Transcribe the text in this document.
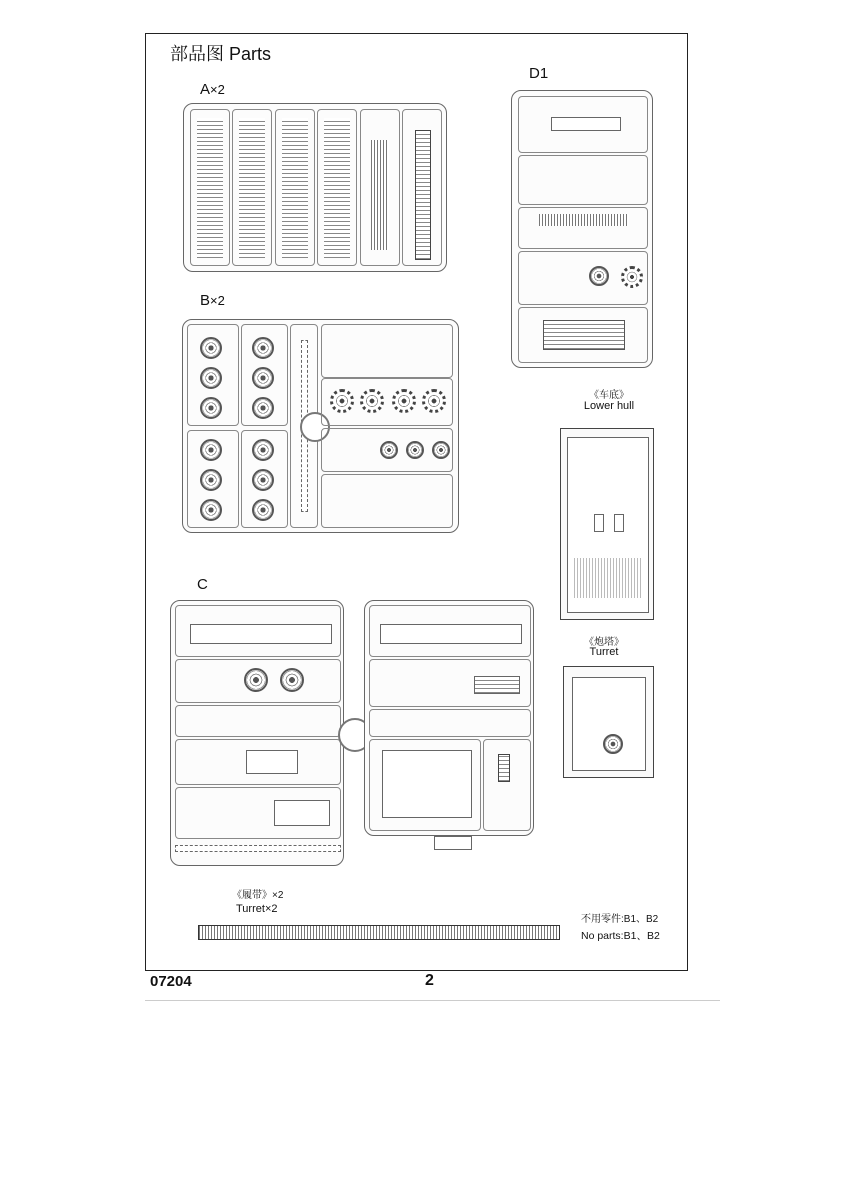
部品图 Parts
A×2
B×2
D1
《车底》
Lower hull
《炮塔》
Turret
C
《履带》×2
Turret×2
不用零件:B1、B2
No parts:B1、B2
07204	2
